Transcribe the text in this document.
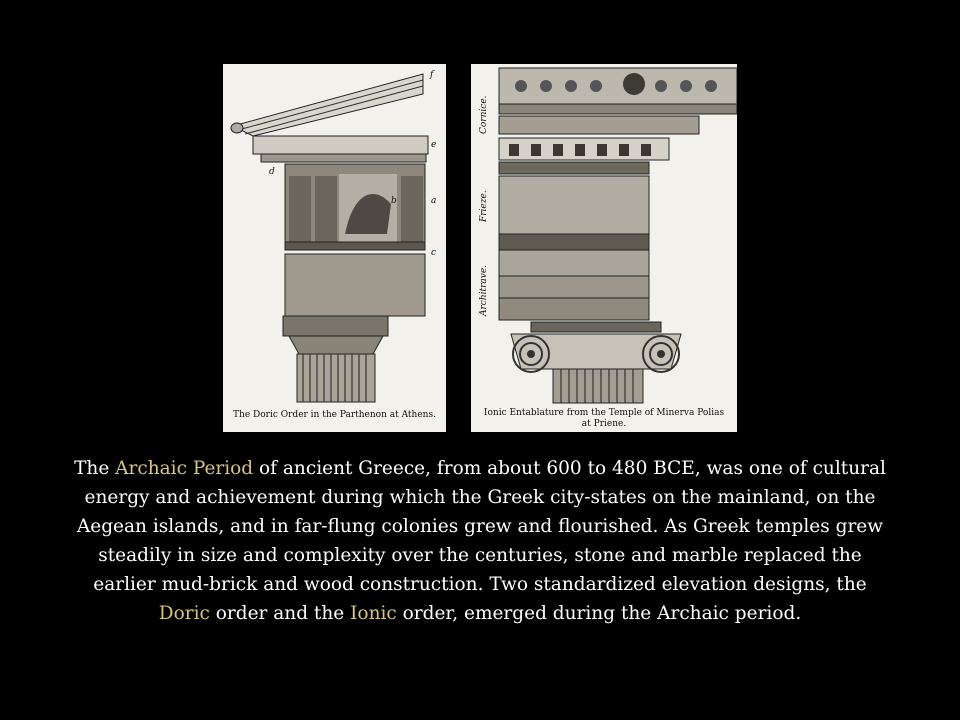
f
e
d
b	a
c
The Doric Order in the Parthenon at Athens.
Cornice.
Frieze.
Architrave.
Ionic Entablature from the Temple of Minerva Polias
at Priene.
The Archaic Period of ancient Greece, from about 600 to 480 BCE, was one of cultural energy and achievement during which the Greek city-states on the mainland, on the Aegean islands, and in far-flung colonies grew and flourished. As Greek temples grew steadily in size and complexity over the centuries, stone and marble replaced the earlier mud-brick and wood construction. Two standardized elevation designs, the Doric order and the Ionic order, emerged during the Archaic period.
